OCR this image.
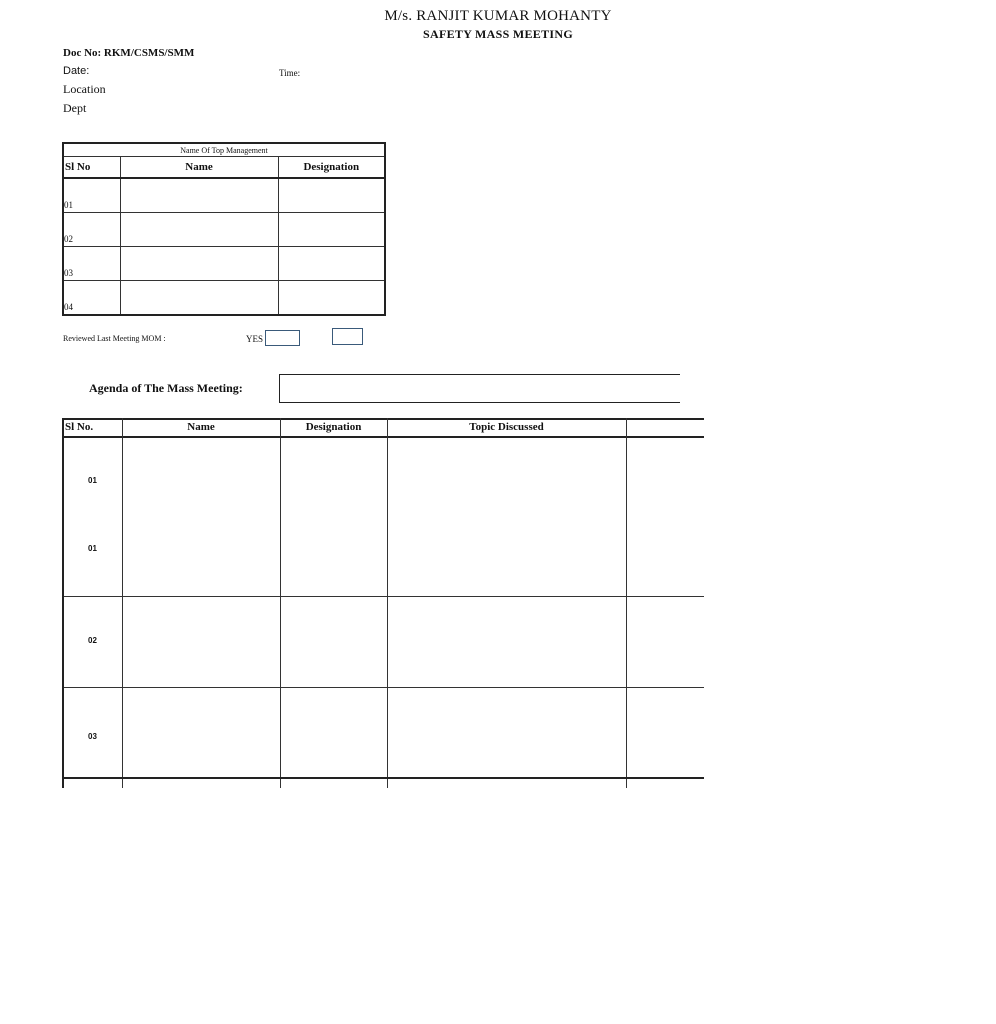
M/s. RANJIT KUMAR MOHANTY
SAFETY MASS MEETING
Doc No: RKM/CSMS/SMM
Date:	Time:
Location
Dept
Name Of Top Management		
Sl No	Name	Designation
01		
02		
03		
04		
Reviewed Last Meeting MOM :	YES
Agenda of The Mass Meeting:
Sl No.	Name	Designation	Topic Discussed
01
01
02
03
